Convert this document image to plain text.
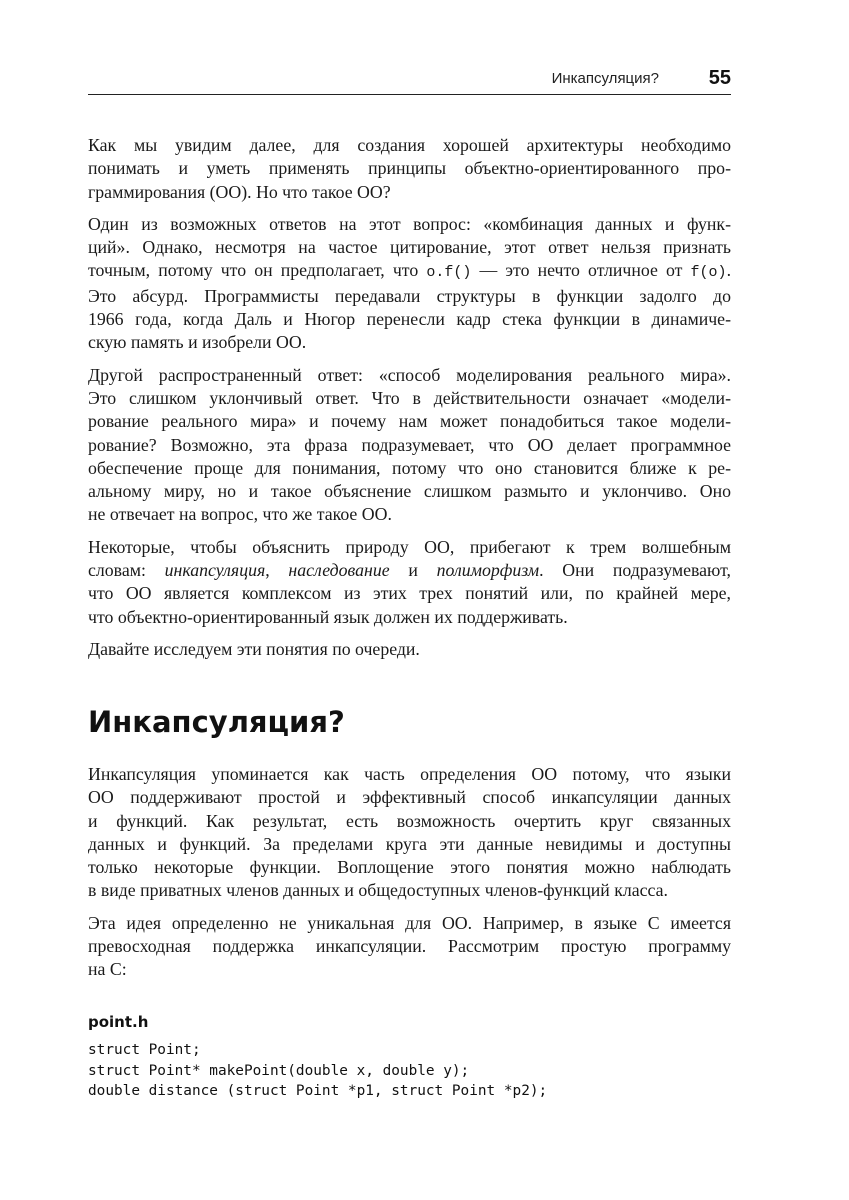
Инкапсуляция? 55

Как мы увидим далее, для создания хорошей архитектуры необходимо
понимать и уметь применять принципы объектно-ориентированного про-
граммирования (ОО). Но что такое ОО?

Один из возможных ответов на этот вопрос: «комбинация данных и функ-
ций». Однако, несмотря на частое цитирование, этот ответ нельзя признать
точным, потому что он предполагает, что o.f() — это нечто отличное от f(o).
Это абсурд. Программисты передавали структуры в функции задолго до
1966 года, когда Даль и Нюгор перенесли кадр стека функции в динамиче-
скую память и изобрели ОО.

Другой распространенный ответ: «способ моделирования реального мира».
Это слишком уклончивый ответ. Что в действительности означает «модели-
рование реального мира» и почему нам может понадобиться такое модели-
рование? Возможно, эта фраза подразумевает, что ОО делает программное
обеспечение проще для понимания, потому что оно становится ближе к ре-
альному миру, но и такое объяснение слишком размыто и уклончиво. Оно
не отвечает на вопрос, что же такое ОО.

Некоторые, чтобы объяснить природу ОО, прибегают к трем волшебным
словам: инкапсуляция, наследование и полиморфизм. Они подразумевают,
что ОО является комплексом из этих трех понятий или, по крайней мере,
что объектно-ориентированный язык должен их поддерживать.

Давайте исследуем эти понятия по очереди.

Инкапсуляция?

Инкапсуляция упоминается как часть определения ОО потому, что языки
ОО поддерживают простой и эффективный способ инкапсуляции данных
и функций. Как результат, есть возможность очертить круг связанных
данных и функций. За пределами круга эти данные невидимы и доступны
только некоторые функции. Воплощение этого понятия можно наблюдать
в виде приватных членов данных и общедоступных членов-функций класса.

Эта идея определенно не уникальная для ОО. Например, в языке C имеется
превосходная поддержка инкапсуляции. Рассмотрим простую программу
на C:

point.h
struct Point;
struct Point* makePoint(double x, double y);
double distance (struct Point *p1, struct Point *p2);
